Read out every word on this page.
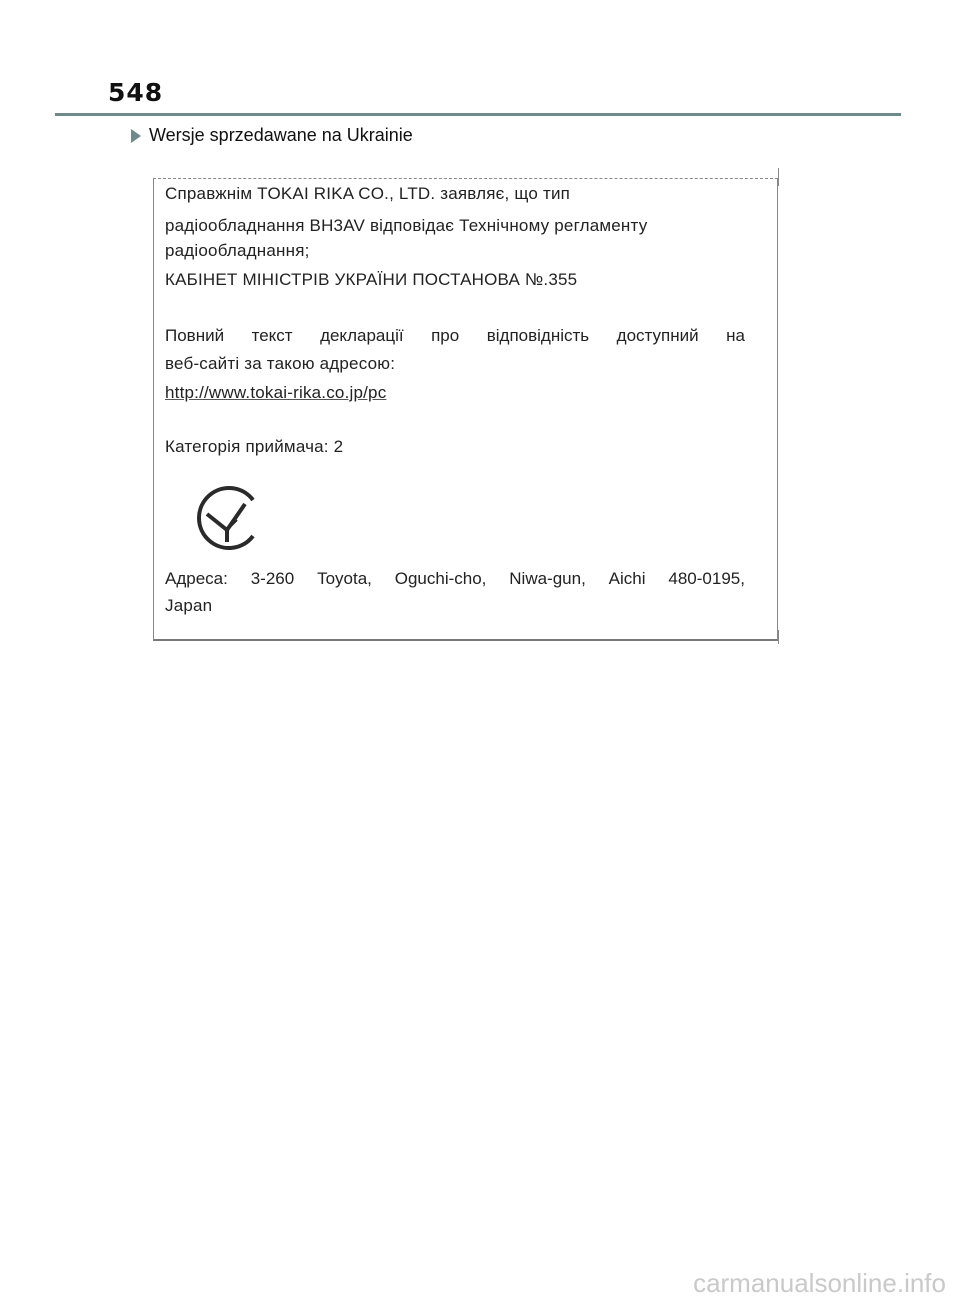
548
Wersje sprzedawane na Ukrainie
Справжнім TOKAI RIKA CO., LTD. заявляє, що тип
радіообладнання BH3AV відповідає Технічному регламенту
радіообладнання;
КАБІНЕТ МІНІСТРІВ УКРАЇНИ ПОСТАНОВА №.355
Повний текст декларації про відповідність доступний на
веб-сайті за такою адресою:
http://www.tokai-rika.co.jp/pc
Категорія приймача: 2
Адреса: 3-260 Toyota, Oguchi-cho, Niwa-gun, Aichi 480-0195,
Japan
carmanualsonline.info
